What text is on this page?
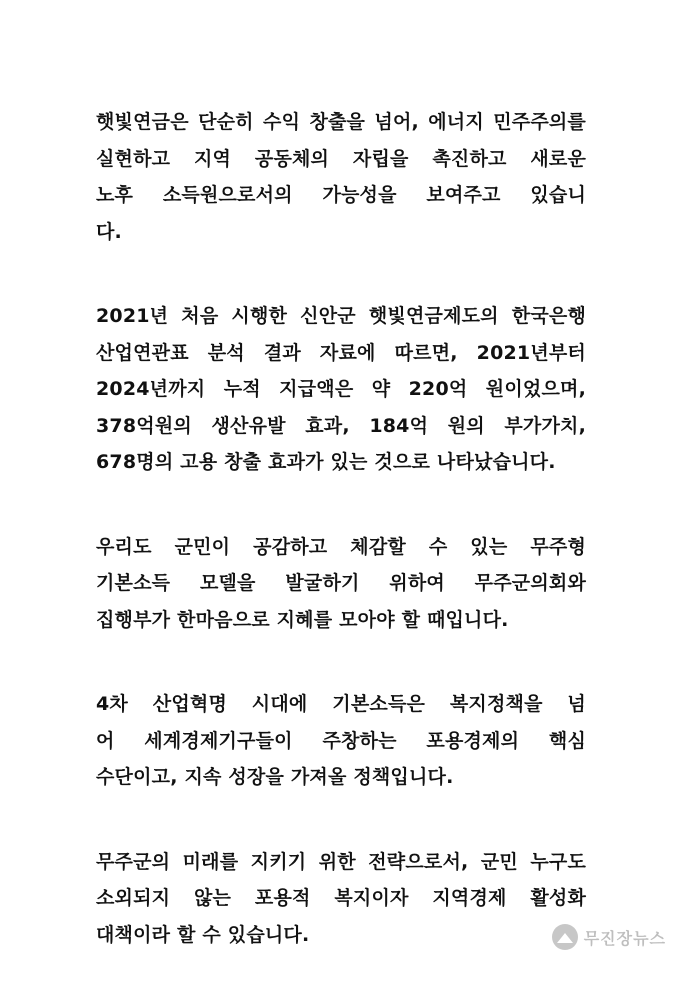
햇빛연금은 단순히 수익 창출을 넘어, 에너지 민주주의를
실현하고 지역 공동체의 자립을 촉진하고 새로운
노후 소득원으로서의 가능성을 보여주고 있습니
다.

2021년 처음 시행한 신안군 햇빛연금제도의 한국은행
산업연관표 분석 결과 자료에 따르면, 2021년부터
2024년까지 누적 지급액은 약 220억 원이었으며,
378억원의 생산유발 효과, 184억 원의 부가가치,
678명의 고용 창출 효과가 있는 것으로 나타났습니다.

우리도 군민이 공감하고 체감할 수 있는 무주형
기본소득 모델을 발굴하기 위하여 무주군의회와
집행부가 한마음으로 지혜를 모아야 할 때입니다.

4차 산업혁명 시대에 기본소득은 복지정책을 넘
어 세계경제기구들이 주창하는 포용경제의 핵심
수단이고, 지속 성장을 가져올 정책입니다.

무주군의 미래를 지키기 위한 전략으로서, 군민 누구도
소외되지 않는 포용적 복지이자 지역경제 활성화
대책이라 할 수 있습니다.	무진장뉴스
